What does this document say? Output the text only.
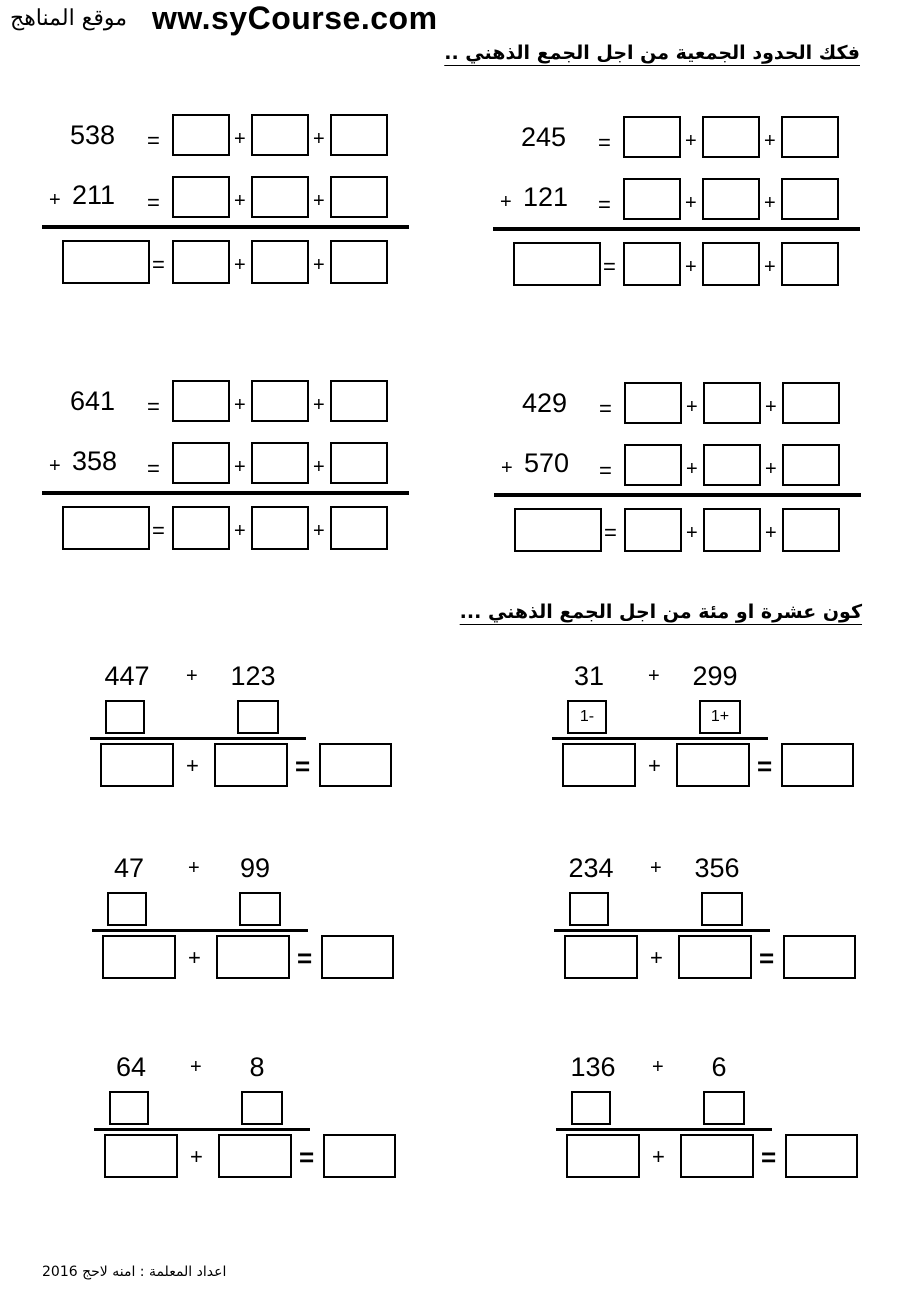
موقع المناهج ww.syCourse.com
فكك الحدود الجمعية من اجل الجمع الذهني ..
538
+ 211
=	+	+
=	+	+
=	+	+
245
+ 121
=	+	+
=	+	+
=	+	+
641
+ 358
=	+	+
=	+	+
=	+	+
429
+ 570
=	+	+
=	+	+
=	+	+
كون عشرة او مئة من اجل الجمع الذهني ...
447	+	123
+	=
31	+	299
1-	1+
+	=
47	+	99
+	=
234	+	356
+	=
64	+	8
+	=
136	+	6
+	=
اعداد المعلمة : امنه لاحج 2016
